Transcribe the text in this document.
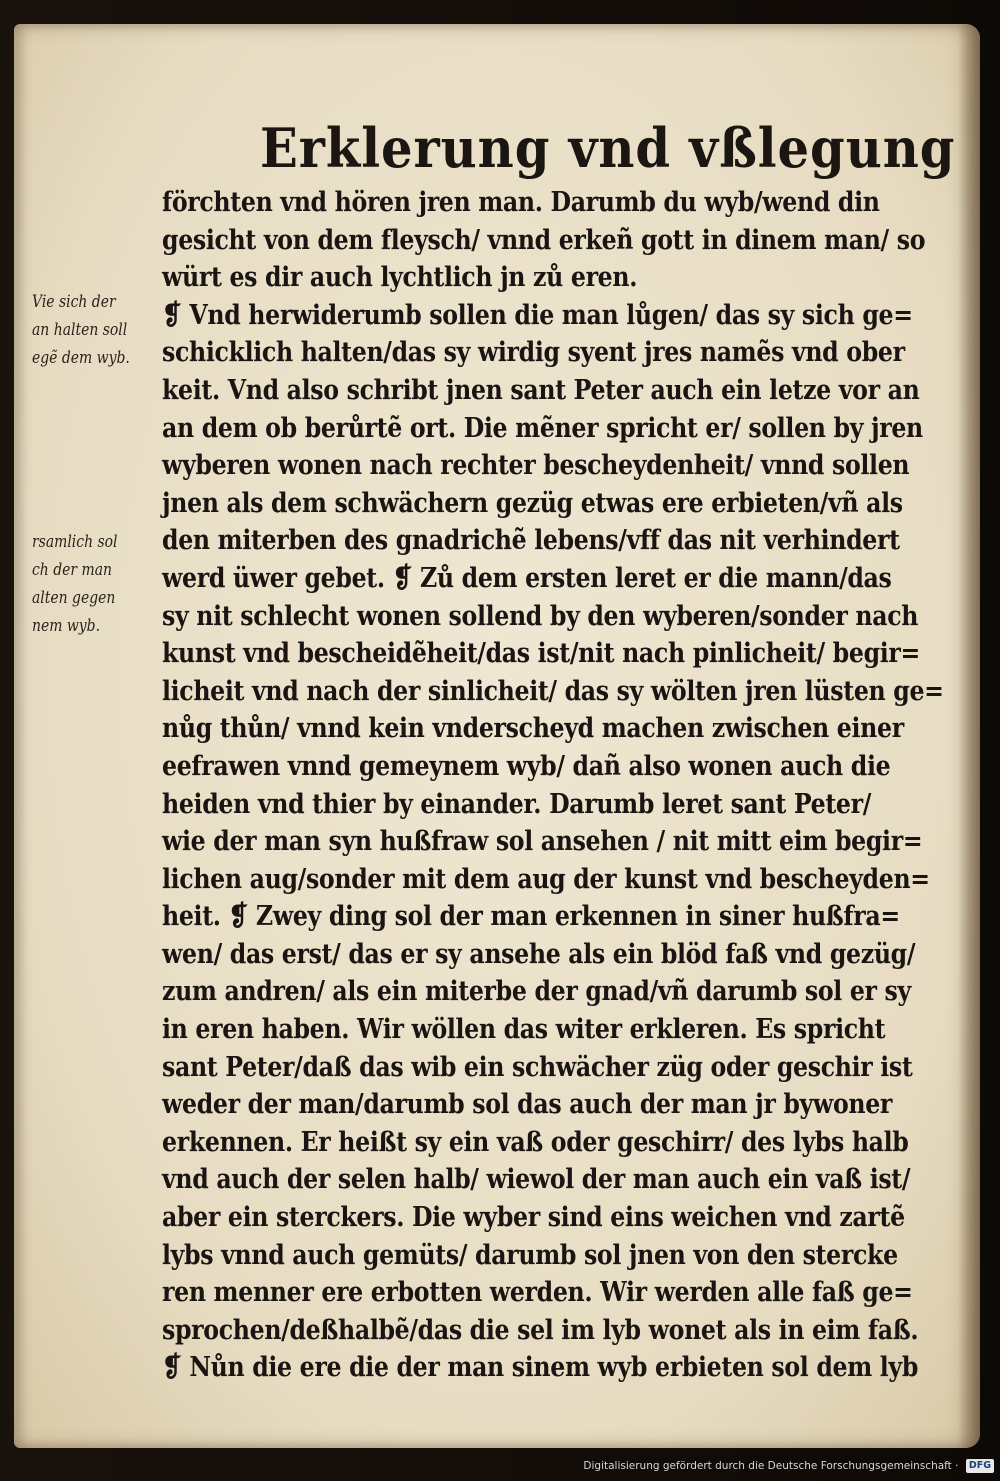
Erklerung vnd vßlegung
förchten vnd hören jren man. Darumb du wyb/wend din
gesicht von dem fleysch/ vnnd erkeñ gott in dinem man/ so
würt es dir auch lychtlich jn zů eren.
❡ Vnd herwiderumb sollen die man lůgen/ das sy sich ge=
schicklich halten/das sy wirdig syent jres namẽs vnd ober
keit. Vnd also schribt jnen sant Peter auch ein letze vor an
an dem ob berůrtẽ ort. Die mẽner spricht er/ sollen by jren
wyberen wonen nach rechter bescheydenheit/ vnnd sollen
jnen als dem schwächern gezüg etwas ere erbieten/vñ als
den miterben des gnadrichẽ lebens/vff das nit verhindert
werd üwer gebet. ❡ Zů dem ersten leret er die mann/das
sy nit schlecht wonen sollend by den wyberen/sonder nach
kunst vnd bescheidẽheit/das ist/nit nach pinlicheit/ begir=
licheit vnd nach der sinlicheit/ das sy wölten jren lüsten ge=
nůg thůn/ vnnd kein vnderscheyd machen zwischen einer
eefrawen vnnd gemeynem wyb/ dañ also wonen auch die
heiden vnd thier by einander. Darumb leret sant Peter/
wie der man syn hußfraw sol ansehen / nit mitt eim begir=
lichen aug/sonder mit dem aug der kunst vnd bescheyden=
heit. ❡ Zwey ding sol der man erkennen in siner hußfra=
wen/ das erst/ das er sy ansehe als ein blöd faß vnd gezüg/
zum andren/ als ein miterbe der gnad/vñ darumb sol er sy
in eren haben. Wir wöllen das witer erkleren. Es spricht
sant Peter/daß das wib ein schwächer züg oder geschir ist
weder der man/darumb sol das auch der man jr bywoner
erkennen. Er heißt sy ein vaß oder geschirr/ des lybs halb
vnd auch der selen halb/ wiewol der man auch ein vaß ist/
aber ein sterckers. Die wyber sind eins weichen vnd zartẽ
lybs vnnd auch gemüts/ darumb sol jnen von den stercke
ren menner ere erbotten werden. Wir werden alle faß ge=
sprochen/deßhalbẽ/das die sel im lyb wonet als in eim faß.
❡ Nůn die ere die der man sinem wyb erbieten sol dem lyb
Vie sich der
an halten soll
egẽ dem wyb.
rsamlich sol
ch der man
alten gegen
nem wyb.
Digitalisierung gefördert durch die Deutsche Forschungsgemeinschaft · DFG
